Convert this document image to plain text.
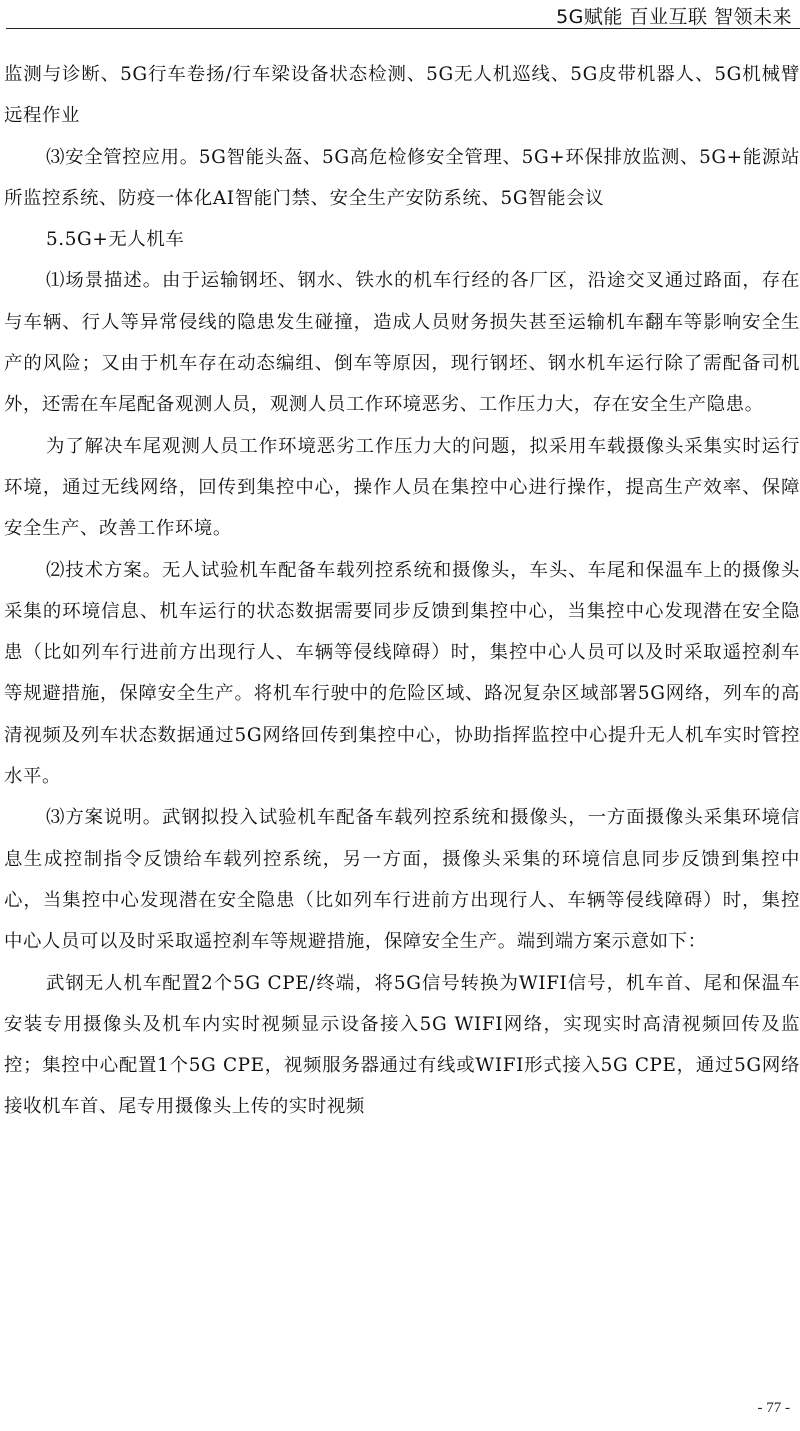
5G赋能 百业互联 智领未来

监测与诊断、5G行车卷扬/行车梁设备状态检测、5G无人机巡线、5G皮带机器人、5G机械臂远程作业

⑶安全管控应用。5G智能头盔、5G高危检修安全管理、5G+环保排放监测、5G+能源站所监控系统、防疫一体化AI智能门禁、安全生产安防系统、5G智能会议

5.5G+无人机车

⑴场景描述。由于运输钢坯、钢水、铁水的机车行经的各厂区，沿途交叉通过路面，存在与车辆、行人等异常侵线的隐患发生碰撞，造成人员财务损失甚至运输机车翻车等影响安全生产的风险；又由于机车存在动态编组、倒车等原因，现行钢坯、钢水机车运行除了需配备司机外，还需在车尾配备观测人员，观测人员工作环境恶劣、工作压力大，存在安全生产隐患。

为了解决车尾观测人员工作环境恶劣工作压力大的问题，拟采用车载摄像头采集实时运行环境，通过无线网络，回传到集控中心，操作人员在集控中心进行操作，提高生产效率、保障安全生产、改善工作环境。

⑵技术方案。无人试验机车配备车载列控系统和摄像头，车头、车尾和保温车上的摄像头采集的环境信息、机车运行的状态数据需要同步反馈到集控中心，当集控中心发现潜在安全隐患（比如列车行进前方出现行人、车辆等侵线障碍）时，集控中心人员可以及时采取遥控刹车等规避措施，保障安全生产。将机车行驶中的危险区域、路况复杂区域部署5G网络，列车的高清视频及列车状态数据通过5G网络回传到集控中心，协助指挥监控中心提升无人机车实时管控水平。

⑶方案说明。武钢拟投入试验机车配备车载列控系统和摄像头，一方面摄像头采集环境信息生成控制指令反馈给车载列控系统，另一方面，摄像头采集的环境信息同步反馈到集控中心，当集控中心发现潜在安全隐患（比如列车行进前方出现行人、车辆等侵线障碍）时，集控中心人员可以及时采取遥控刹车等规避措施，保障安全生产。端到端方案示意如下：

武钢无人机车配置2个5G CPE/终端，将5G信号转换为WIFI信号，机车首、尾和保温车安装专用摄像头及机车内实时视频显示设备接入5G WIFI网络，实现实时高清视频回传及监控；集控中心配置1个5G CPE，视频服务器通过有线或WIFI形式接入5G CPE，通过5G网络接收机车首、尾专用摄像头上传的实时视频

- 77 -
